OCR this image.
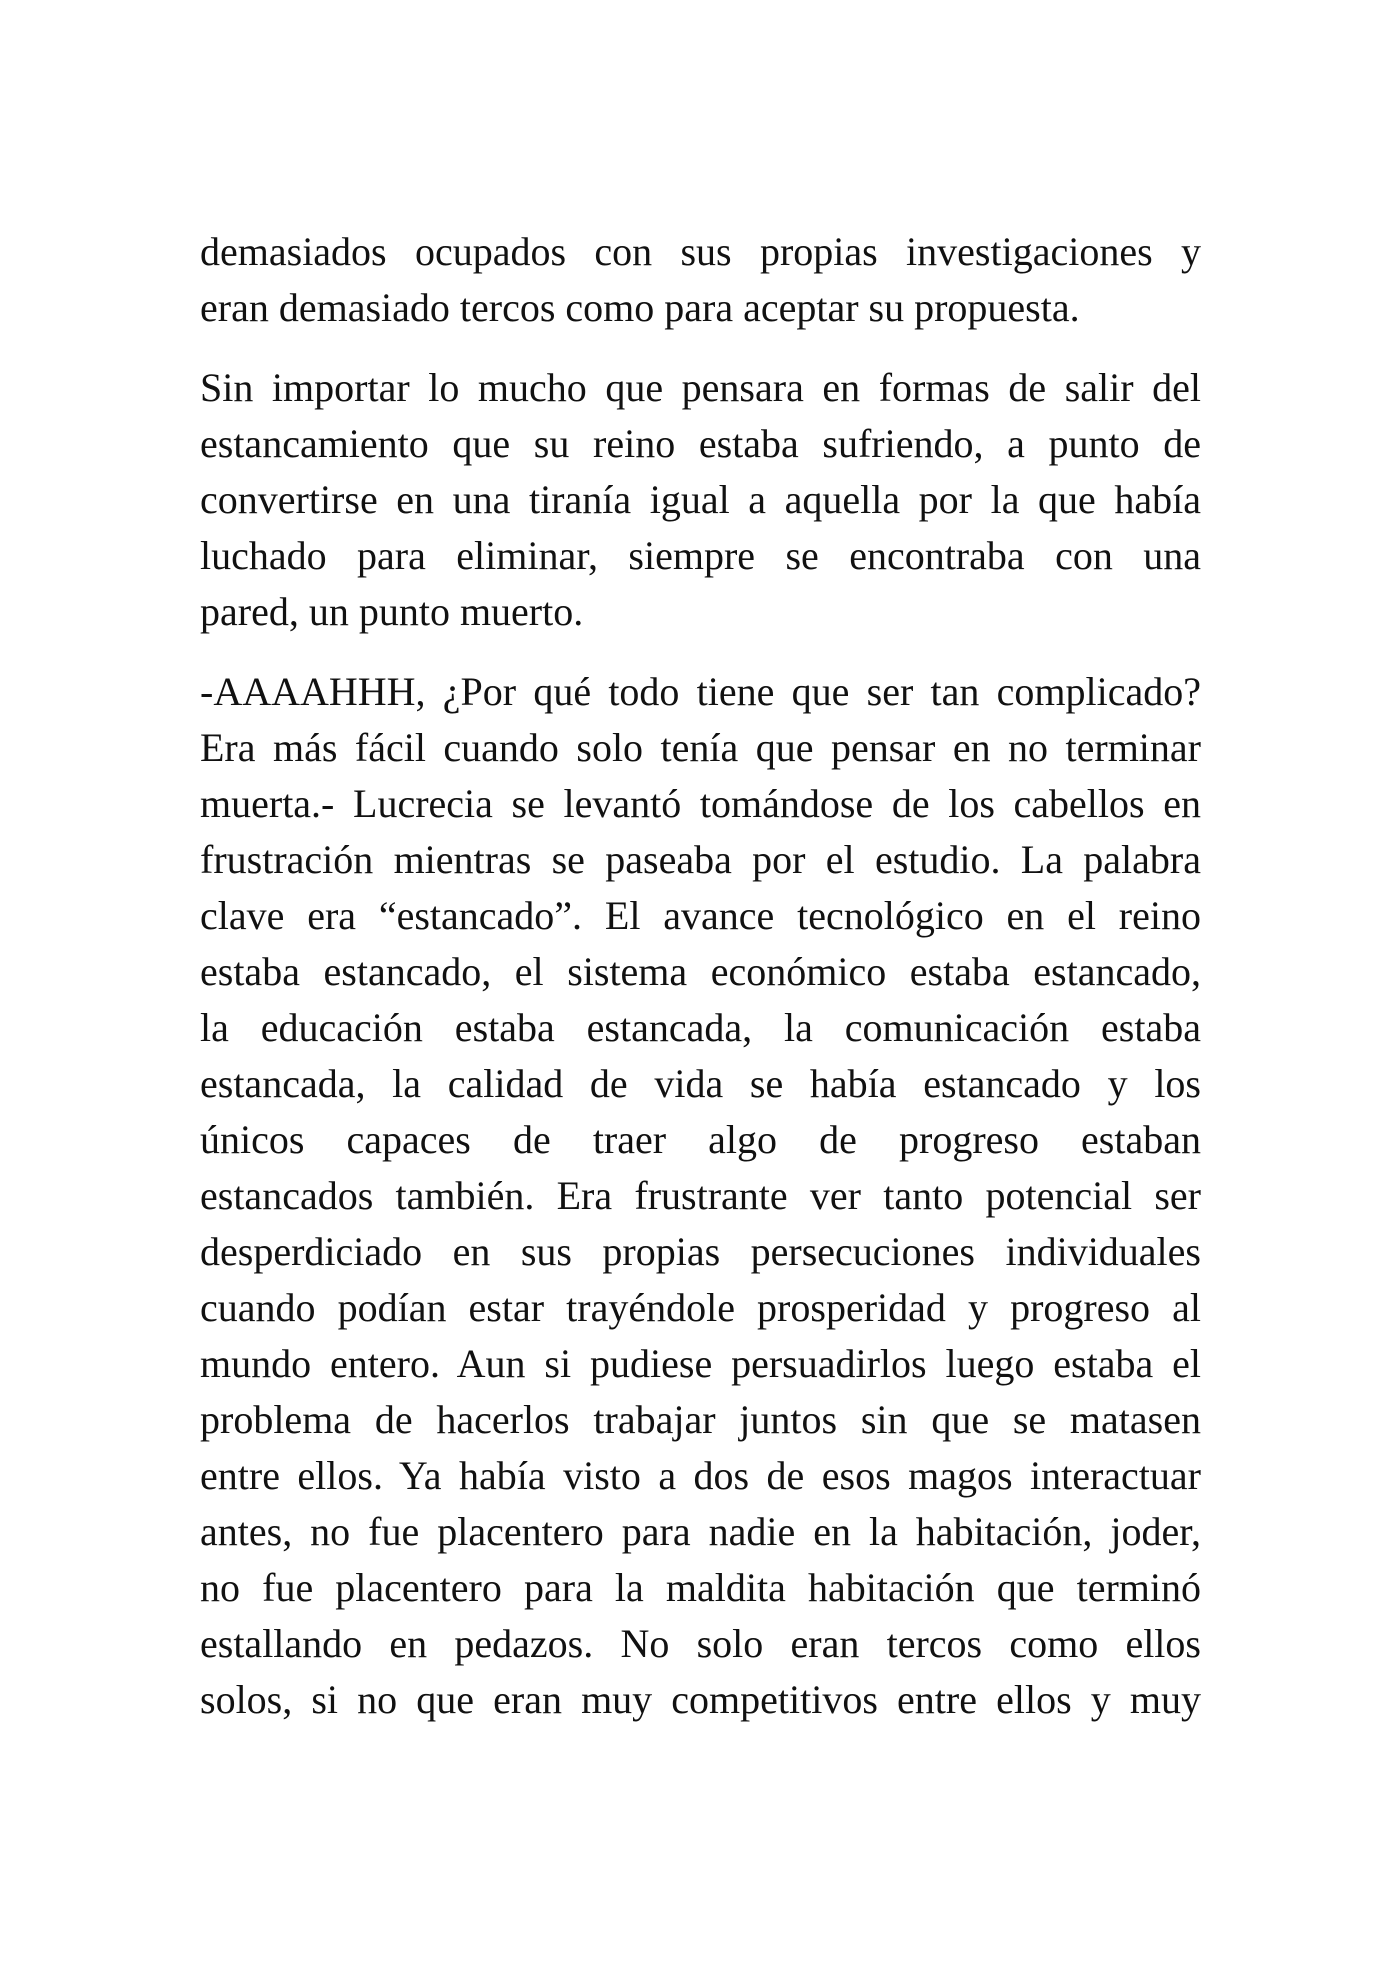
demasiados ocupados con sus propias investigaciones y
eran demasiado tercos como para aceptar su propuesta.

Sin importar lo mucho que pensara en formas de salir del
estancamiento que su reino estaba sufriendo, a punto de
convertirse en una tiranía igual a aquella por la que había
luchado para eliminar, siempre se encontraba con una
pared, un punto muerto.

-AAAAHHH, ¿Por qué todo tiene que ser tan complicado?
Era más fácil cuando solo tenía que pensar en no terminar
muerta.- Lucrecia se levantó tomándose de los cabellos en
frustración mientras se paseaba por el estudio. La palabra
clave era “estancado”. El avance tecnológico en el reino
estaba estancado, el sistema económico estaba estancado,
la educación estaba estancada, la comunicación estaba
estancada, la calidad de vida se había estancado y los
únicos capaces de traer algo de progreso estaban
estancados también. Era frustrante ver tanto potencial ser
desperdiciado en sus propias persecuciones individuales
cuando podían estar trayéndole prosperidad y progreso al
mundo entero. Aun si pudiese persuadirlos luego estaba el
problema de hacerlos trabajar juntos sin que se matasen
entre ellos. Ya había visto a dos de esos magos interactuar
antes, no fue placentero para nadie en la habitación, joder,
no fue placentero para la maldita habitación que terminó
estallando en pedazos. No solo eran tercos como ellos
solos, si no que eran muy competitivos entre ellos y muy
